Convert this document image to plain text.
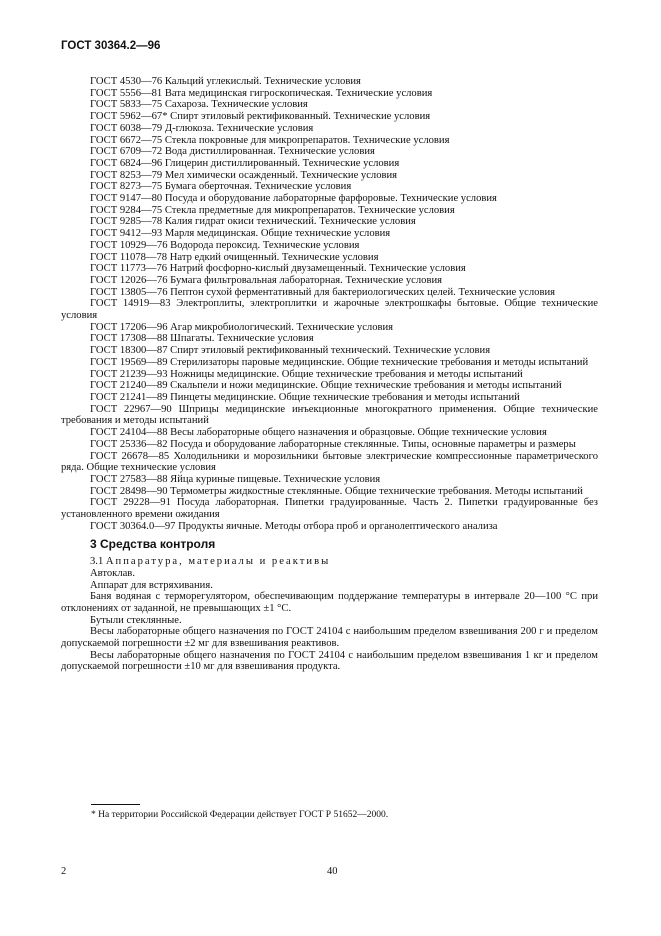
ГОСТ 30364.2—96
ГОСТ 4530—76 Кальций углекислый. Технические условия
ГОСТ 5556—81 Вата медицинская гигроскопическая. Технические условия
ГОСТ 5833—75 Сахароза. Технические условия
ГОСТ 5962—67* Спирт этиловый ректификованный. Технические условия
ГОСТ 6038—79 Д-глюкоза. Технические условия
ГОСТ 6672—75 Стекла покровные для микропрепаратов. Технические условия
ГОСТ 6709—72 Вода дистиллированная. Технические условия
ГОСТ 6824—96 Глицерин дистиллированный. Технические условия
ГОСТ 8253—79 Мел химически осажденный. Технические условия
ГОСТ 8273—75 Бумага оберточная. Технические условия
ГОСТ 9147—80 Посуда и оборудование лабораторные фарфоровые. Технические условия
ГОСТ 9284—75 Стекла предметные для микропрепаратов. Технические условия
ГОСТ 9285—78 Калия гидрат окиси технический. Технические условия
ГОСТ 9412—93 Марля медицинская. Общие технические условия
ГОСТ 10929—76 Водорода пероксид. Технические условия
ГОСТ 11078—78 Натр едкий очищенный. Технические условия
ГОСТ 11773—76 Натрий фосфорно-кислый двузамещенный. Технические условия
ГОСТ 12026—76 Бумага фильтровальная лабораторная. Технические условия
ГОСТ 13805—76 Пептон сухой ферментативный для бактериологических целей. Технические условия
ГОСТ 14919—83 Электроплиты, электроплитки и жарочные электрошкафы бытовые. Общие технические условия
ГОСТ 17206—96 Агар микробиологический. Технические условия
ГОСТ 17308—88 Шпагаты. Технические условия
ГОСТ 18300—87 Спирт этиловый ректификованный технический. Технические условия
ГОСТ 19569—89 Стерилизаторы паровые медицинские. Общие технические требования и методы испытаний
ГОСТ 21239—93 Ножницы медицинские. Общие технические требования и методы испытаний
ГОСТ 21240—89 Скальпели и ножи медицинские. Общие технические требования и методы испытаний
ГОСТ 21241—89 Пинцеты медицинские. Общие технические требования и методы испытаний
ГОСТ 22967—90 Шприцы медицинские инъекционные многократного применения. Общие технические требования и методы испытаний
ГОСТ 24104—88 Весы лабораторные общего назначения и образцовые. Общие технические условия
ГОСТ 25336—82 Посуда и оборудование лабораторные стеклянные. Типы, основные параметры и размеры
ГОСТ 26678—85 Холодильники и морозильники бытовые электрические компрессионные параметрического ряда. Общие технические условия
ГОСТ 27583—88 Яйца куриные пищевые. Технические условия
ГОСТ 28498—90 Термометры жидкостные стеклянные. Общие технические требования. Методы испытаний
ГОСТ 29228—91 Посуда лабораторная. Пипетки градуированные. Часть 2. Пипетки градуированные без установленного времени ожидания
ГОСТ 30364.0—97 Продукты яичные. Методы отбора проб и органолептического анализа
3 Средства контроля
3.1 Аппаратура, материалы и реактивы
Автоклав.
Аппарат для встряхивания.
Баня водяная с терморегулятором, обеспечивающим поддержание температуры в интервале 20—100 °С при отклонениях от заданной, не превышающих ±1 °С.
Бутыли стеклянные.
Весы лабораторные общего назначения по ГОСТ 24104 с наибольшим пределом взвешивания 200 г и пределом допускаемой погрешности ±2 мг для взвешивания реактивов.
Весы лабораторные общего назначения по ГОСТ 24104 с наибольшим пределом взвешивания 1 кг и пределом допускаемой погрешности ±10 мг для взвешивания продукта.
* На территории Российской Федерации действует ГОСТ Р 51652—2000.
2	40
